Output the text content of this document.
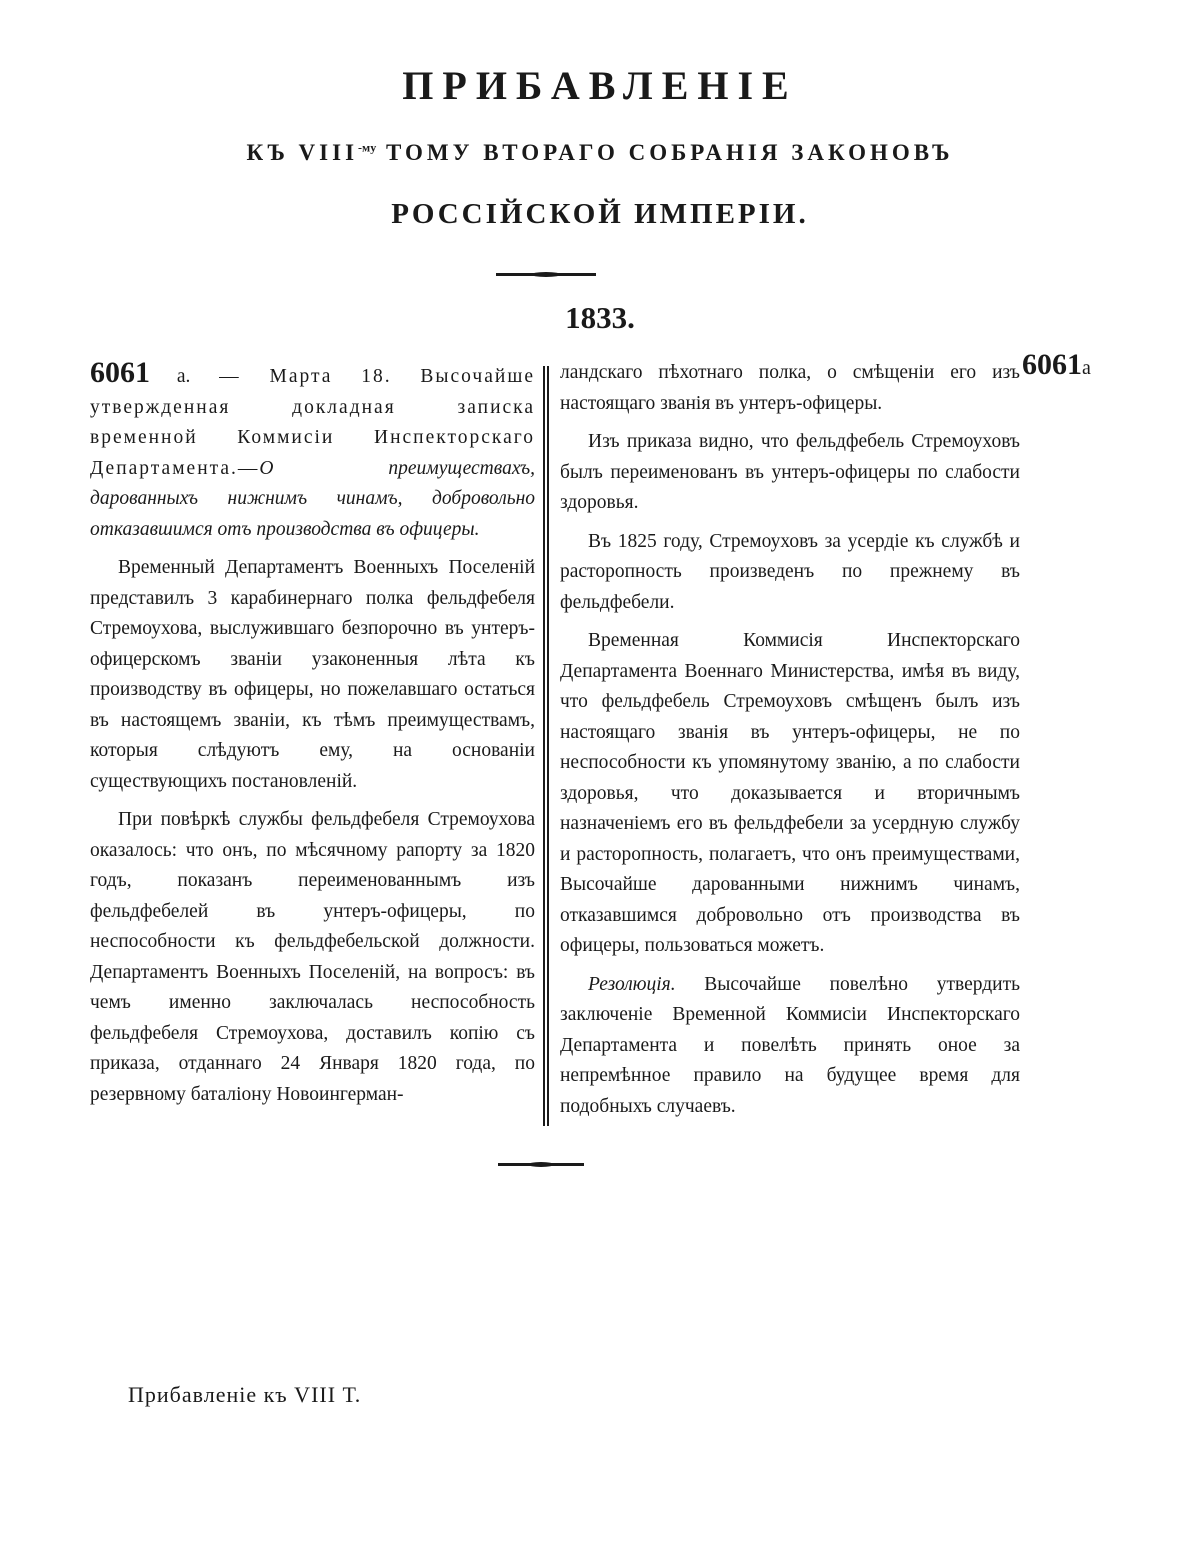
ПРИБАВЛЕНІЕ
КЪ $VIII^{-му}$ ТОМУ ВТОРАГО СОБРАНІЯ ЗАКОНОВЪ
РОССІЙСКОЙ ИМПЕРІИ.
1833.

6061 а. — Марта 18. Высочайше утвержденная докладная записка временной Коммисіи Инспекторскаго Департамента.—О преимуществахъ, дарованныхъ нижнимъ чинамъ, добровольно отказавшимся отъ производства въ офицеры.

Временный Департаментъ Военныхъ Поселеній представилъ 3 карабинернаго полка фельдфебеля Стремоухова, выслужившаго безпорочно въ унтеръ-офицерскомъ званіи узаконенныя лѣта къ производству въ офицеры, но пожелавшаго остаться въ настоящемъ званіи, къ тѣмъ преимуществамъ, которыя слѣдуютъ ему, на основаніи существующихъ постановленій.

При повѣркѣ службы фельдфебеля Стремоухова оказалось: что онъ, по мѣсячному рапорту за 1820 годъ, показанъ переименованнымъ изъ фельдфебелей въ унтеръ-офицеры, по неспособности къ фельдфебельской должности. Департаментъ Военныхъ Поселеній, на вопросъ: въ чемъ именно заключалась неспособность фельдфебеля Стремоухова, доставилъ копію съ приказа, отданнаго 24 Января 1820 года, по резервному баталіону Новоингерман-

ландскаго пѣхотнаго полка, о смѣщеніи его изъ настоящаго званія въ унтеръ-офицеры.

Изъ приказа видно, что фельдфебель Стремоуховъ былъ переименованъ въ унтеръ-офицеры по слабости здоровья.

Въ 1825 году, Стремоуховъ за усердіе къ службѣ и расторопность произведенъ по прежнему въ фельдфебели.

Временная Коммисія Инспекторскаго Департамента Военнаго Министерства, имѣя въ виду, что фельдфебель Стремоуховъ смѣщенъ былъ изъ настоящаго званія въ унтеръ-офицеры, не по неспособности къ упомянутому званію, а по слабости здоровья, что доказывается и вторичнымъ назначеніемъ его въ фельдфебели за усердную службу и расторопность, полагаетъ, что онъ преимуществами, Высочайше дарованными нижнимъ чинамъ, отказавшимся добровольно отъ производства въ офицеры, пользоваться можетъ.

Резолюція. Высочайше повелѣно утвердить заключеніе Временной Коммисіи Инспекторскаго Департамента и повелѣть принять оное за непремѣнное правило на будущее время для подобныхъ случаевъ.

6061а
Прибавленіе къ VIII Т.
